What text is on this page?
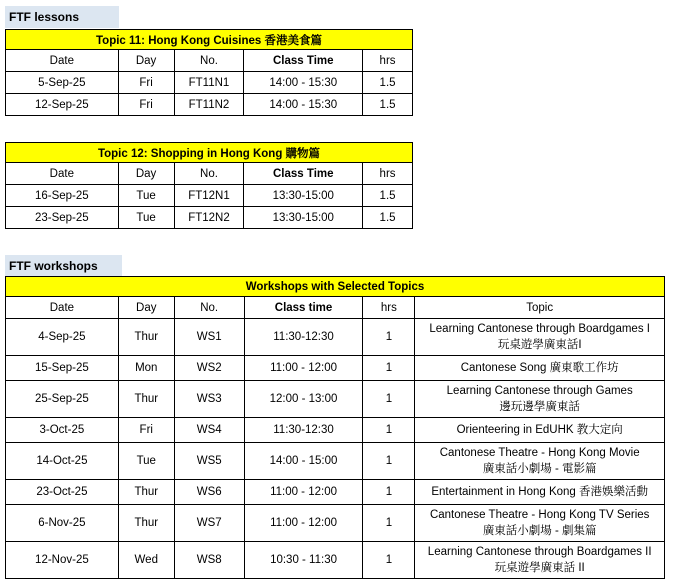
FTF lessons
Topic 11: Hong Kong Cuisines 香港美食篇				
Date	Day	No.	Class Time	hrs
5-Sep-25	Fri	FT11N1	14:00 - 15:30	1.5
12-Sep-25	Fri	FT11N2	14:00 - 15:30	1.5
Topic 12: Shopping in Hong Kong 購物篇				
Date	Day	No.	Class Time	hrs
16-Sep-25	Tue	FT12N1	13:30-15:00	1.5
23-Sep-25	Tue	FT12N2	13:30-15:00	1.5
FTF workshops
Workshops with Selected Topics					
Date	Day	No.	Class time	hrs	Topic
4-Sep-25	Thur	WS1	11:30-12:30	1	Learning Cantonese through Boardgames I
玩桌遊學廣東話I

15-Sep-25	Mon	WS2	11:00 - 12:00	1	Cantonese Song 廣東歌工作坊

25-Sep-25	Thur	WS3	12:00 - 13:00	1	Learning Cantonese through Games
邊玩邊學廣東話

3-Oct-25	Fri	WS4	11:30-12:30	1	Orienteering in EdUHK 教大定向

14-Oct-25	Tue	WS5	14:00 - 15:00	1	Cantonese Theatre - Hong Kong Movie
廣東話小劇場 - 電影篇

23-Oct-25	Thur	WS6	11:00 - 12:00	1	Entertainment in Hong Kong 香港娛樂活動

6-Nov-25	Thur	WS7	11:00 - 12:00	1	Cantonese Theatre - Hong Kong TV Series
廣東話小劇場 - 劇集篇

12-Nov-25	Wed	WS8	10:30 - 11:30	1	Learning Cantonese through Boardgames II
玩桌遊學廣東話 II
